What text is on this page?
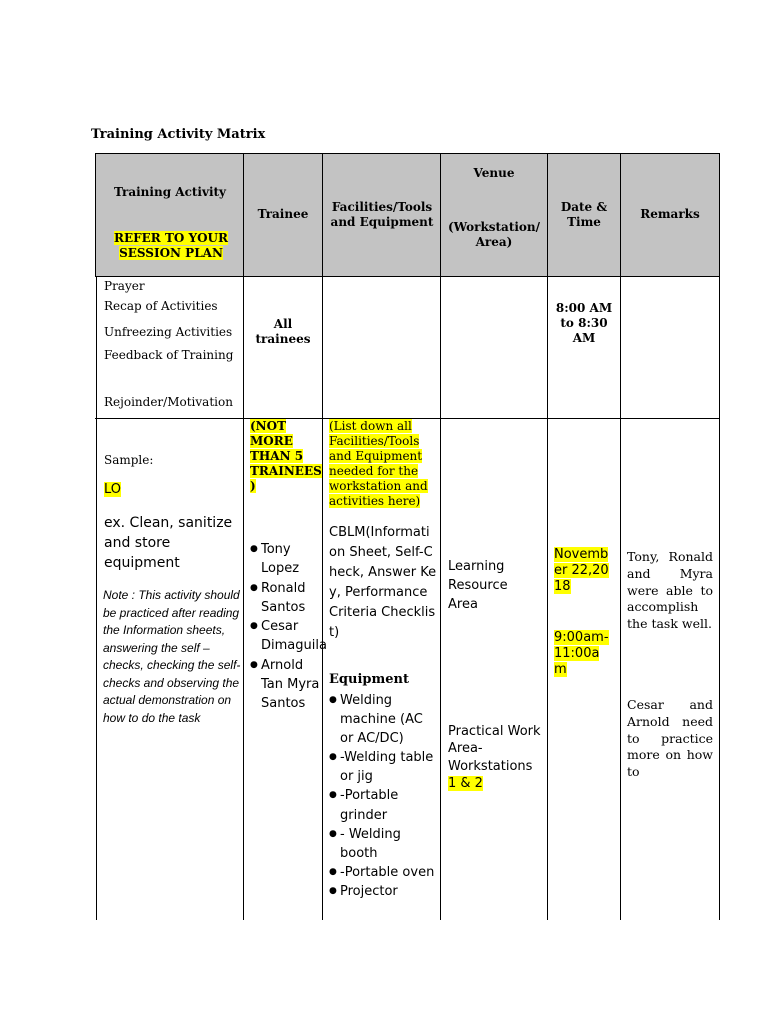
Training Activity Matrix
Training Activity
REFER TO YOUR SESSION PLAN
Trainee	Facilities/Tools and Equipment
Venue
(Workstation/ Area)
Date & Time
Remarks
Prayer
Recap of Activities
Unfreezing Activities
Feedback of Training
Rejoinder/Motivation
All trainees
8:00 AM to 8:30 AM
Sample:
LO
ex. Clean, sanitize and store equipment
Note : This activity should be practiced after reading the Information sheets, answering the self – checks, checking the self-checks and observing the actual demonstration on how to do the task
(NOT MORE THAN 5 TRAINEES )
● Tony Lopez
● Ronald Santos
● Cesar Dimaguila
● Arnold Tan Myra Santos
(List down all Facilities/Tools and Equipment needed for the workstation and activities here)
CBLM(Information Sheet, Self-Check, Answer Key, Performance Criteria Checklist)
Equipment
● Welding machine (AC or AC/DC)
● -Welding table or jig
● -Portable grinder
● - Welding booth
● -Portable oven
● Projector
Learning Resource Area
Practical Work Area-Workstations
1 & 2
November 22,2018
9:00am-11:00am
Tony, Ronald and Myra were able to accomplish the task well.
Cesar and Arnold need to practice more on how to
